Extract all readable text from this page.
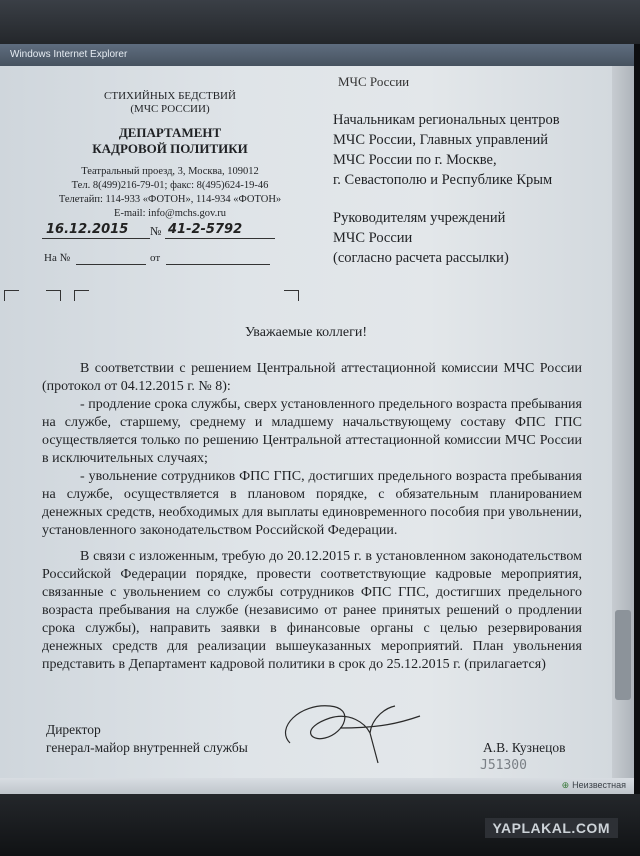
Windows Internet Explorer
МЧС России
СТИХИЙНЫХ БЕДСТВИЙ
(МЧС РОССИИ)
ДЕПАРТАМЕНТ
КАДРОВОЙ ПОЛИТИКИ
Театральный проезд, 3, Москва, 109012
Тел. 8(499)216-79-01; факс: 8(495)624-19-46
Телетайп: 114-933 «ФОТОН», 114-934 «ФОТОН»
E-mail: info@mchs.gov.ru
16.12.2015 № 41-2-5792
На №	от
Начальникам региональных центров
МЧС России, Главных управлений
МЧС России по г. Москве,
г. Севастополю и Республике Крым
Руководителям учреждений
МЧС России
(согласно расчета рассылки)
Уважаемые коллеги!
В соответствии с решением Центральной аттестационной комиссии МЧС России (протокол от 04.12.2015 г. № 8):
- продление срока службы, сверх установленного предельного возраста пребывания на службе, старшему, среднему и младшему начальствующему составу ФПС ГПС осуществляется только по решению Центральной аттестационной комиссии МЧС России в исключительных случаях;
- увольнение сотрудников ФПС ГПС, достигших предельного возраста пребывания на службе, осуществляется в плановом порядке, с обязательным планированием денежных средств, необходимых для выплаты единовременного пособия при увольнении, установленного законодательством Российской Федерации.
В связи с изложенным, требую до 20.12.2015 г. в установленном законодательством Российской Федерации порядке, провести соответствующие кадровые мероприятия, связанные с увольнением со службы сотрудников ФПС ГПС, достигших предельного возраста пребывания на службе (независимо от ранее принятых решений о продлении срока службы), направить заявки в финансовые органы с целью резервирования денежных средств для реализации вышеуказанных мероприятий. План увольнения представить в Департамент кадровой политики в срок до 25.12.2015 г. (прилагается)
Директор
генерал-майор внутренней службы	А.В. Кузнецов
J51300
⊕ Неизвестная
YAPLAKAL.COM
